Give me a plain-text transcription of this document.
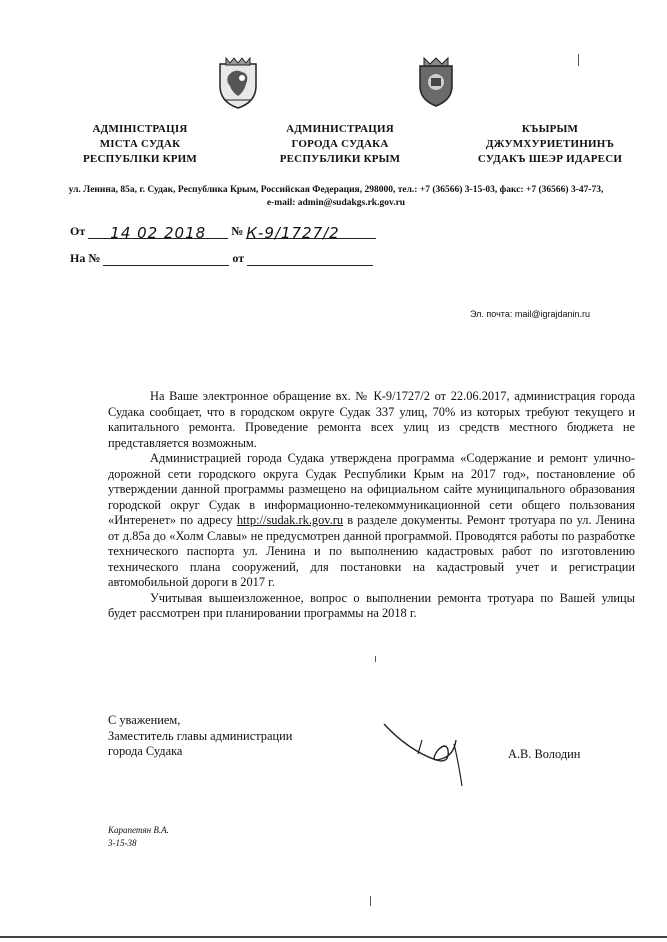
АДМІНІСТРАЦІЯ
МІСТА СУДАК
РЕСПУБЛІКИ КРИМ
АДМИНИСТРАЦИЯ
ГОРОДА СУДАКА
РЕСПУБЛИКИ КРЫМ
КЪЫРЫМ
ДЖУМХУРИЕТИНИНЪ
СУДАКЪ ШЕЭР ИДАРЕСИ
ул. Ленина, 85а, г. Судак, Республика Крым, Российская Федерация, 298000, тел.: +7 (36566) 3-15-03, факс: +7 (36566) 3-47-73,
e-mail: admin@sudakgs.rk.gov.ru
От 14 02 2018 № К-9/1727/2
На №	от
Эл. почта: mail@igrajdanin.ru

На Ваше электронное обращение вх. № К-9/1727/2 от 22.06.2017, администрация города Судака сообщает, что в городском округе Судак 337 улиц, 70% из которых требуют текущего и капитального ремонта. Проведение ремонта всех улиц из средств местного бюджета не представляется возможным.

Администрацией города Судака утверждена программа «Содержание и ремонт улично-дорожной сети городского округа Судак Республики Крым на 2017 год», постановление об утверждении данной программы размещено на официальном сайте муниципального образования городской округ Судак в информационно-телекоммуникационной сети общего пользования «Интеренет» по адресу http://sudak.rk.gov.ru в разделе документы. Ремонт тротуара по ул. Ленина от д.85а до «Холм Славы» не предусмотрен данной программой. Проводятся работы по разработке технического паспорта ул. Ленина и по выполнению кадастровых работ по изготовлению технического плана сооружений, для постановки на кадастровый учет и регистрации автомобильной дороги в 2017 г.

Учитывая вышеизложенное, вопрос о выполнении ремонта тротуара по Вашей улицы будет рассмотрен при планировании программы на 2018 г.

С уважением,
Заместитель главы администрации
города Судака	А.В. Володин
Карапетян В.А.
3-15-38
